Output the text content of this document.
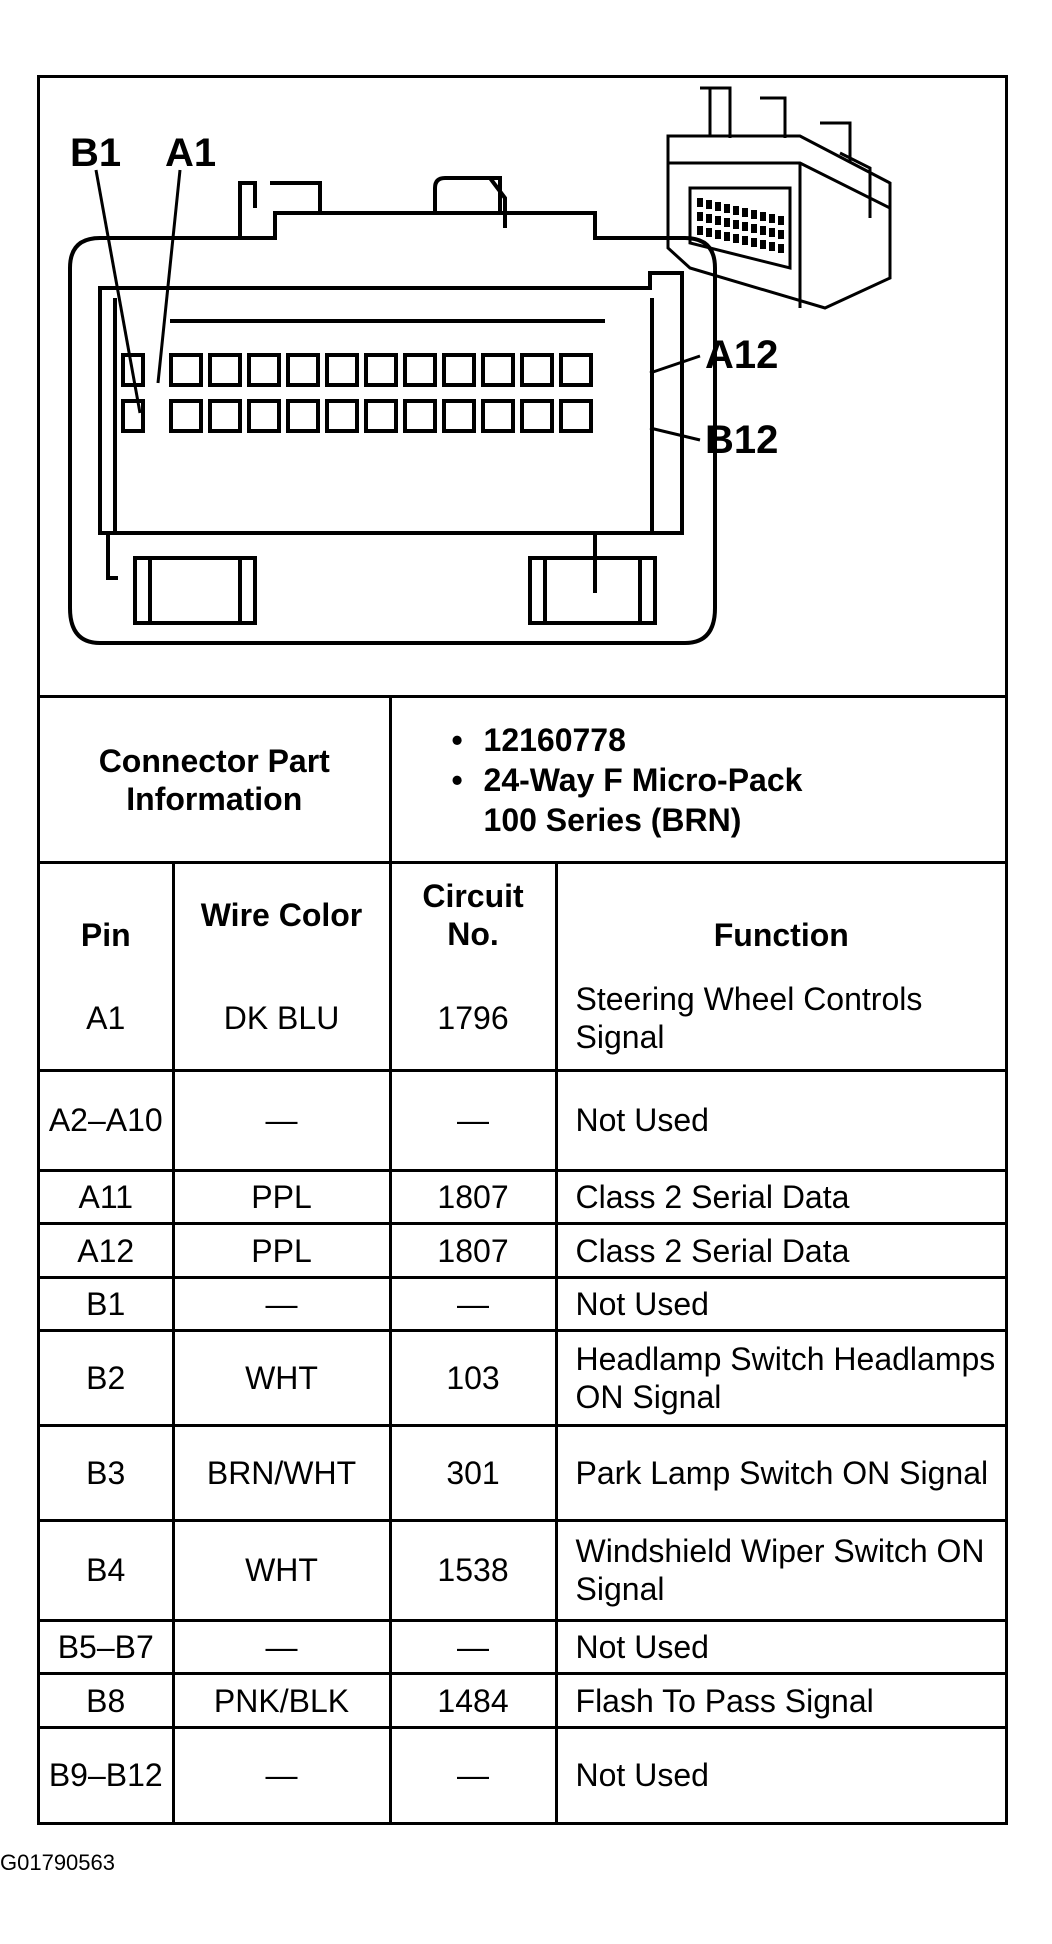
B1 A1
A12
B12
Connector Part Information		• 12160778
• 24-Way F Micro-Pack
100 Series (BRN)	

Pin	Wire Color	Circuit No.	Function
A1	DK BLU	1796	Steering Wheel Controls Signal
A2–A10	—	—	Not Used
A11	PPL	1807	Class 2 Serial Data
A12	PPL	1807	Class 2 Serial Data
B1	—	—	Not Used
B2	WHT	103	Headlamp Switch Headlamps ON Signal
B3	BRN/WHT	301	Park Lamp Switch ON Signal
B4	WHT	1538	Windshield Wiper Switch ON Signal
B5–B7	—	—	Not Used
B8	PNK/BLK	1484	Flash To Pass Signal
B9–B12	—	—	Not Used
G01790563
